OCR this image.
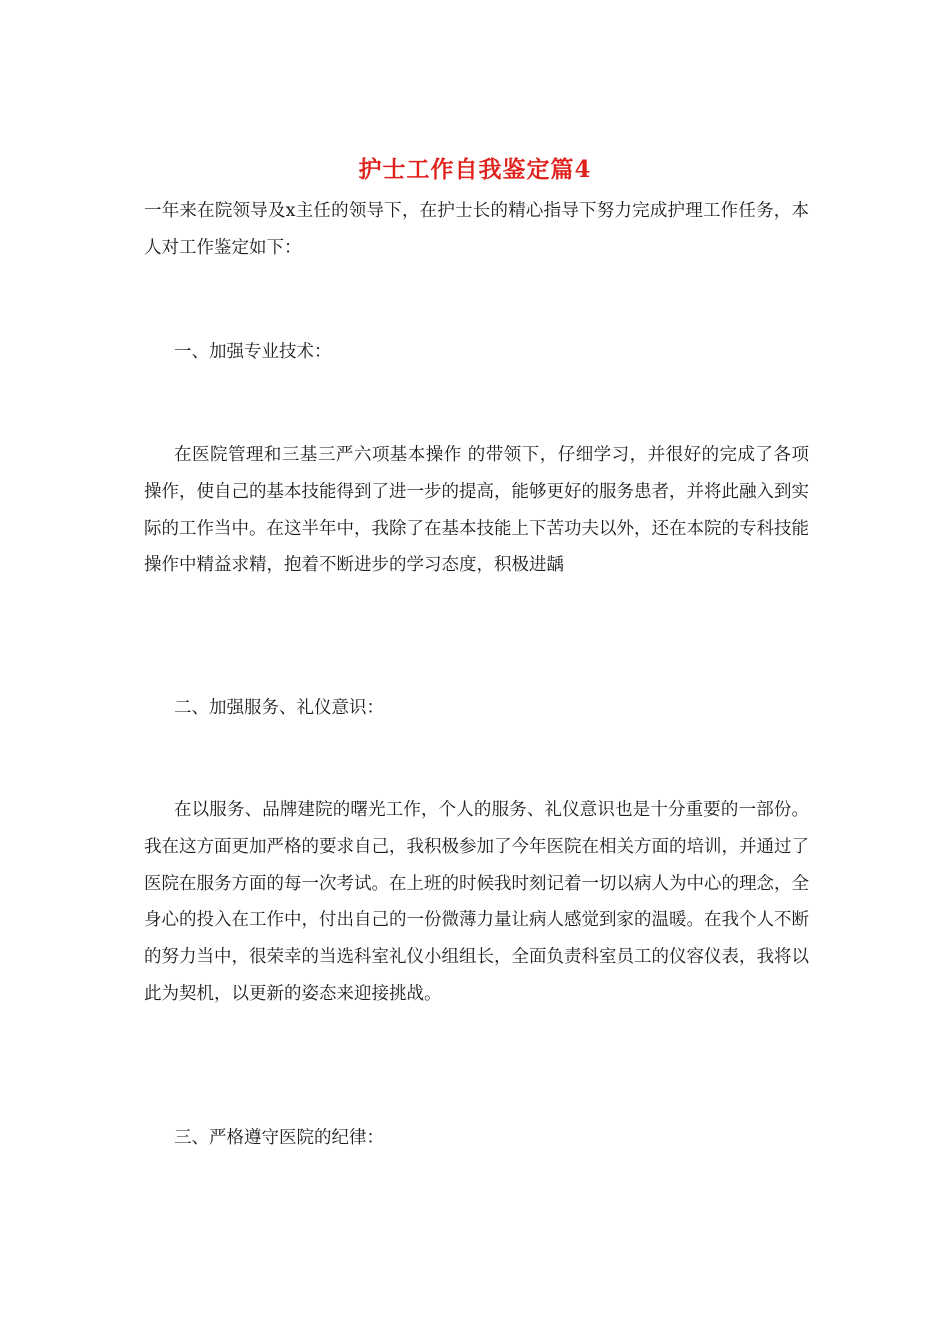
护士工作自我鉴定篇4

一年来在院领导及x主任的领导下，在护士长的精心指导下努力完成护理工作任务，本人对工作鉴定如下：

一、加强专业技术：

在医院管理和三基三严六项基本操作 的带领下，仔细学习，并很好的完成了各项操作，使自己的基本技能得到了进一步的提高，能够更好的服务患者，并将此融入到实际的工作当中。在这半年中，我除了在基本技能上下苦功夫以外，还在本院的专科技能操作中精益求精，抱着不断进步的学习态度，积极进龋

二、加强服务、礼仪意识：

在以服务、品牌建院的曙光工作，个人的服务、礼仪意识也是十分重要的一部份。我在这方面更加严格的要求自己，我积极参加了今年医院在相关方面的培训，并通过了医院在服务方面的每一次考试。在上班的时候我时刻记着一切以病人为中心的理念，全身心的投入在工作中，付出自己的一份微薄力量让病人感觉到家的温暖。在我个人不断的努力当中，很荣幸的当选科室礼仪小组组长，全面负责科室员工的仪容仪表，我将以此为契机，以更新的姿态来迎接挑战。

三、严格遵守医院的纪律：
